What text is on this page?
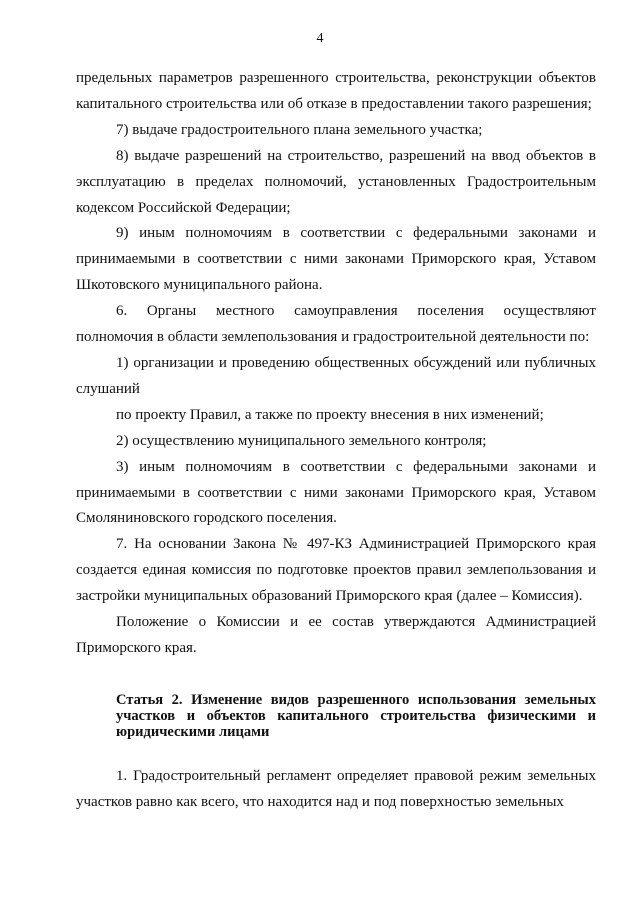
4

предельных параметров разрешенного строительства, реконструкции объектов капитального строительства или об отказе в предоставлении такого разрешения;

7) выдаче градостроительного плана земельного участка;

8) выдаче разрешений на строительство, разрешений на ввод объектов в эксплуатацию в пределах полномочий, установленных Градостроительным кодексом Российской Федерации;

9) иным полномочиям в соответствии с федеральными законами и принимаемыми в соответствии с ними законами Приморского края, Уставом Шкотовского муниципального района.

6. Органы местного самоуправления поселения осуществляют полномочия в области землепользования и градостроительной деятельности по:

1) организации и проведению общественных обсуждений или публичных слушаний

по проекту Правил, а также по проекту внесения в них изменений;

2) осуществлению муниципального земельного контроля;

3) иным полномочиям в соответствии с федеральными законами и принимаемыми в соответствии с ними законами Приморского края, Уставом Смоляниновского городского поселения.

7. На основании Закона № 497-КЗ Администрацией Приморского края создается единая комиссия по подготовке проектов правил землепользования и застройки муниципальных образований Приморского края (далее – Комиссия).

Положение о Комиссии и ее состав утверждаются Администрацией Приморского края.

Статья 2. Изменение видов разрешенного использования земельных участков и объектов капитального строительства физическими и юридическими лицами

1. Градостроительный регламент определяет правовой режим земельных участков равно как всего, что находится над и под поверхностью земельных
